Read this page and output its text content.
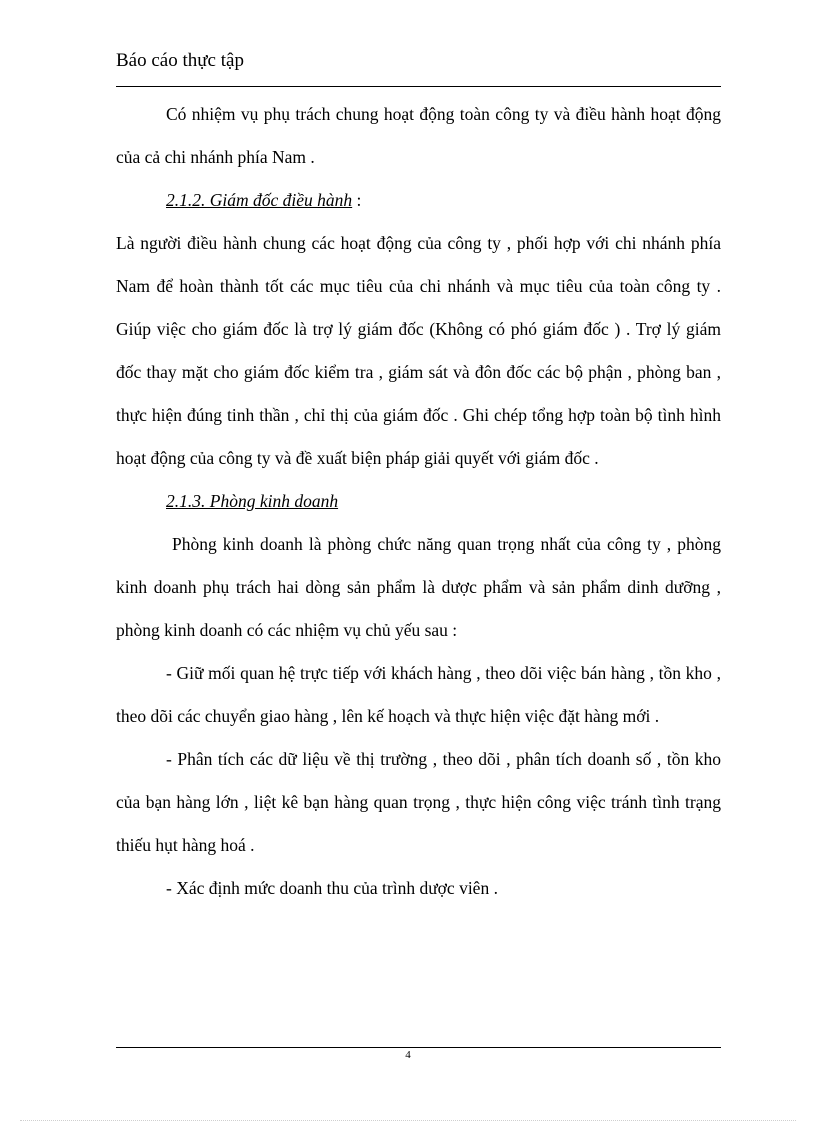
Báo cáo thực tập

Có nhiệm vụ phụ trách chung hoạt động toàn công ty và điều hành hoạt động của cả chi nhánh phía Nam .

2.1.2. Giám đốc điều hành :

Là người điều hành chung các hoạt động của công ty , phối hợp với chi nhánh phía Nam để hoàn thành tốt các mục tiêu của chi nhánh và mục tiêu của toàn công ty . Giúp việc cho giám đốc là trợ lý giám đốc (Không có phó giám đốc ) . Trợ lý giám đốc thay mặt cho giám đốc kiểm tra , giám sát và đôn đốc các bộ phận , phòng ban , thực hiện đúng tinh thần , chỉ thị của giám đốc . Ghi chép tổng hợp toàn bộ tình hình hoạt động của công ty và đề xuất biện pháp giải quyết với giám đốc .

2.1.3. Phòng kinh doanh

Phòng kinh doanh là phòng chức năng quan trọng nhất của công ty , phòng kinh doanh phụ trách hai dòng sản phẩm là dược phẩm và sản phẩm dinh dưỡng , phòng kinh doanh có các nhiệm vụ chủ yếu sau :

- Giữ mối quan hệ trực tiếp với khách hàng , theo dõi việc bán hàng , tồn kho , theo dõi các chuyển giao hàng , lên kế hoạch và thực hiện việc đặt hàng mới .

- Phân tích các dữ liệu về thị trường , theo dõi , phân tích doanh số , tồn kho của bạn hàng lớn , liệt kê bạn hàng quan trọng , thực hiện công việc tránh tình trạng thiếu hụt hàng hoá .

- Xác định mức doanh thu của trình dược viên .

4
